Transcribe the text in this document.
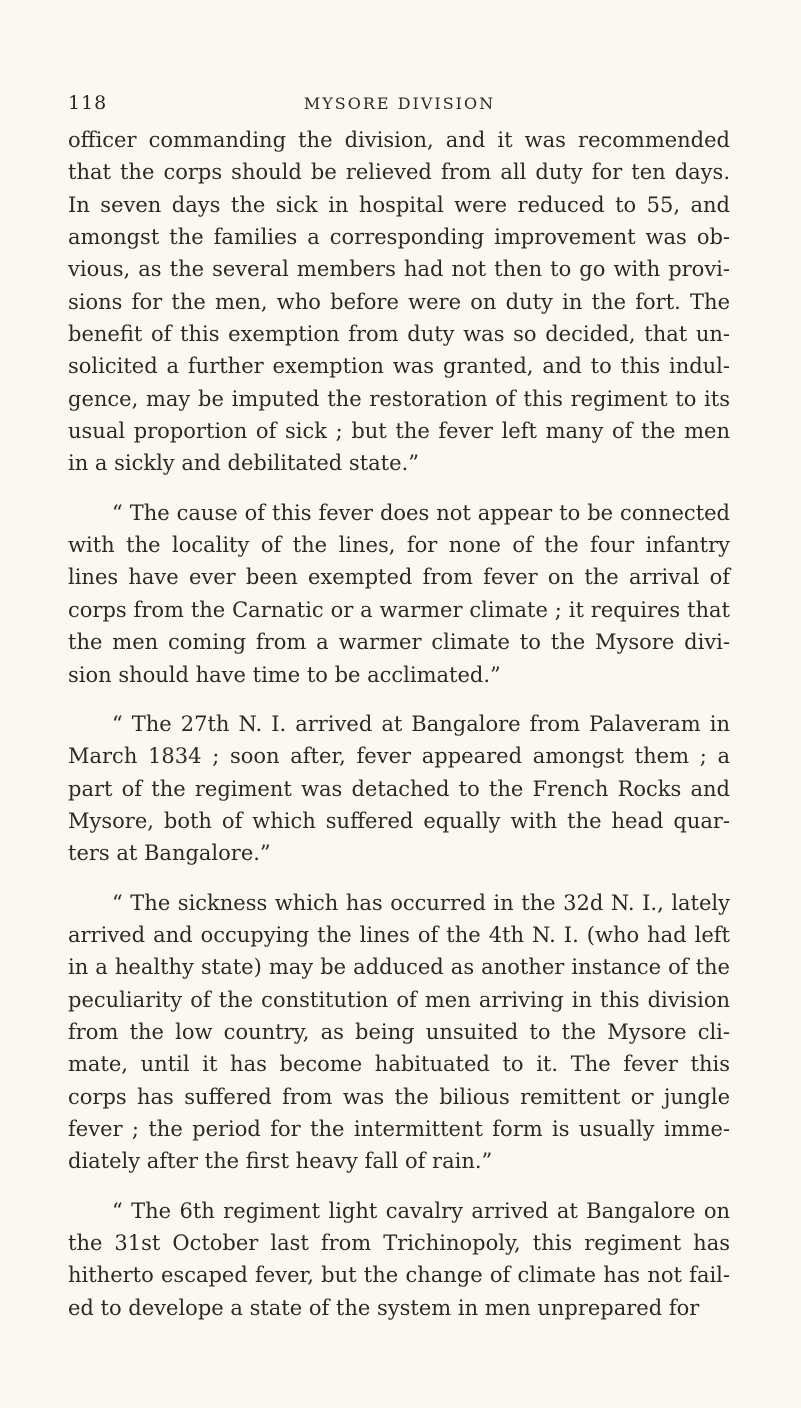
118	MYSORE DIVISION

officer commanding the division, and it was recommended that the corps should be relieved from all duty for ten days. In seven days the sick in hospital were reduced to 55, and amongst the families a corresponding improvement was ob- vious, as the several members had not then to go with provi- sions for the men, who before were on duty in the fort. The benefit of this exemption from duty was so decided, that un- solicited a further exemption was granted, and to this indul- gence, may be imputed the restoration of this regiment to its usual proportion of sick ; but the fever left many of the men in a sickly and debilitated state.”

“ The cause of this fever does not appear to be connected with the locality of the lines, for none of the four infantry lines have ever been exempted from fever on the arrival of corps from the Carnatic or a warmer climate ; it requires that the men coming from a warmer climate to the Mysore divi- sion should have time to be acclimated.”

“ The 27th N. I. arrived at Bangalore from Palaveram in March 1834 ; soon after, fever appeared amongst them ; a part of the regiment was detached to the French Rocks and Mysore, both of which suffered equally with the head quar- ters at Bangalore.”

“ The sickness which has occurred in the 32d N. I., lately arrived and occupying the lines of the 4th N. I. (who had left in a healthy state) may be adduced as another instance of the peculiarity of the constitution of men arriving in this division from the low country, as being unsuited to the Mysore cli- mate, until it has become habituated to it. The fever this corps has suffered from was the bilious remittent or jungle fever ; the period for the intermittent form is usually imme- diately after the first heavy fall of rain.”

“ The 6th regiment light cavalry arrived at Bangalore on the 31st October last from Trichinopoly, this regiment has hitherto escaped fever, but the change of climate has not fail- ed to develope a state of the system in men unprepared for
